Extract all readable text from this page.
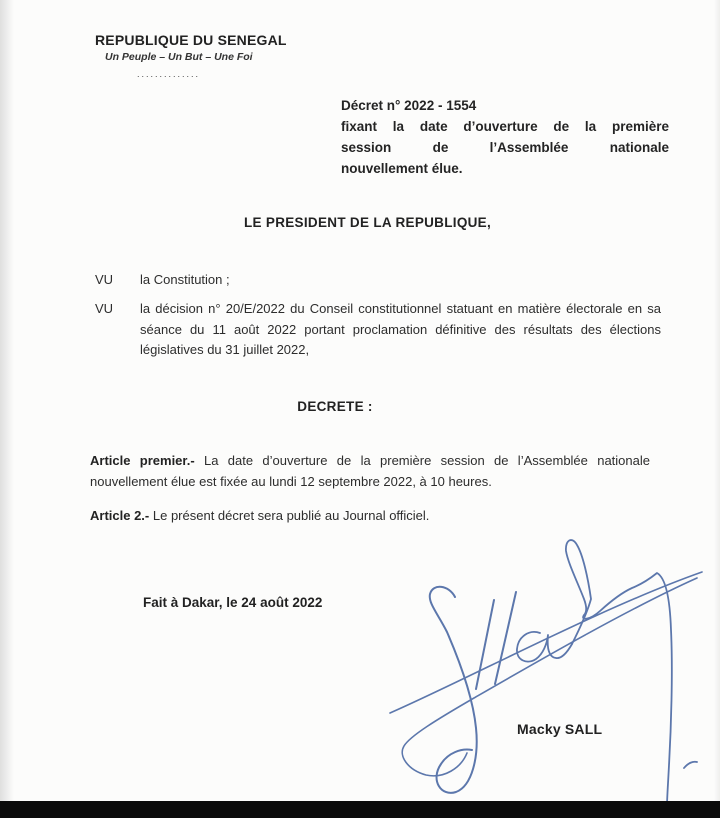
REPUBLIQUE DU SENEGAL
Un Peuple – Un But – Une Foi
..............
Décret n° 2022 - 1554
fixant la date d’ouverture de la première
session de l’Assemblée nationale
nouvellement élue.
LE PRESIDENT DE LA REPUBLIQUE,
VU	la Constitution ;
VU	la décision n° 20/E/2022 du Conseil constitutionnel statuant en matière électorale en sa séance du 11 août 2022 portant proclamation définitive des résultats des élections législatives du 31 juillet 2022,
DECRETE :

Article premier.- La date d’ouverture de la première session de l’Assemblée nationale nouvellement élue est fixée au lundi 12 septembre 2022, à 10 heures.

Article 2.- Le présent décret sera publié au Journal officiel.

Fait à Dakar, le 24 août 2022
Macky SALL
